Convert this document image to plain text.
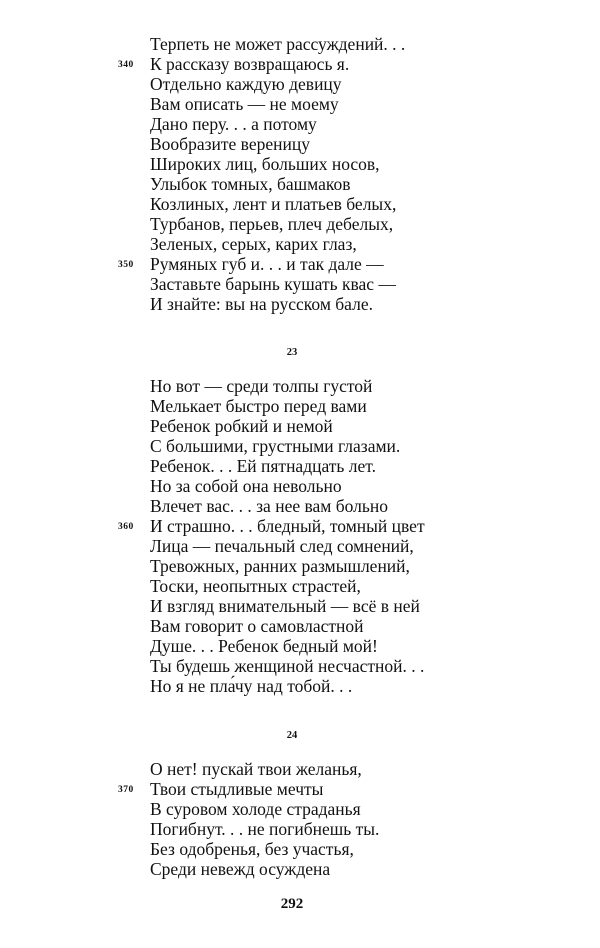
Терпеть не может рассуждений. . .
340 К рассказу возвращаюсь я.
Отдельно каждую девицу
Вам описать — не моему
Дано перу. . . а потому
Вообразите вереницу
Широких лиц, больших носов,
Улыбок томных, башмаков
Козлиных, лент и платьев белых,
Турбанов, перьев, плеч дебелых,
Зеленых, серых, карих глаз,
350 Румяных губ и. . . и так дале —
Заставьте барынь кушать квас —
И знайте: вы на русском бале.
23
Но вот — среди толпы густой
Мелькает быстро перед вами
Ребенок робкий и немой
С большими, грустными глазами.
Ребенок. . . Ей пятнадцать лет.
Но за собой она невольно
Влечет вас. . . за нее вам больно
360 И страшно. . . бледный, томный цвет
Лица — печальный след сомнений,
Тревожных, ранних размышлений,
Тоски, неопытных страстей,
И взгляд внимательный — всё в ней
Вам говорит о самовластной
Душе. . . Ребенок бедный мой!
Ты будешь женщиной несчастной. . .
Но я не пла́чу над тобой. . .
24
О нет! пускай твои желанья,
370 Твои стыдливые мечты
В суровом холоде страданья
Погибнут. . . не погибнешь ты.
Без одобренья, без участья,
Среди невежд осуждена
292
